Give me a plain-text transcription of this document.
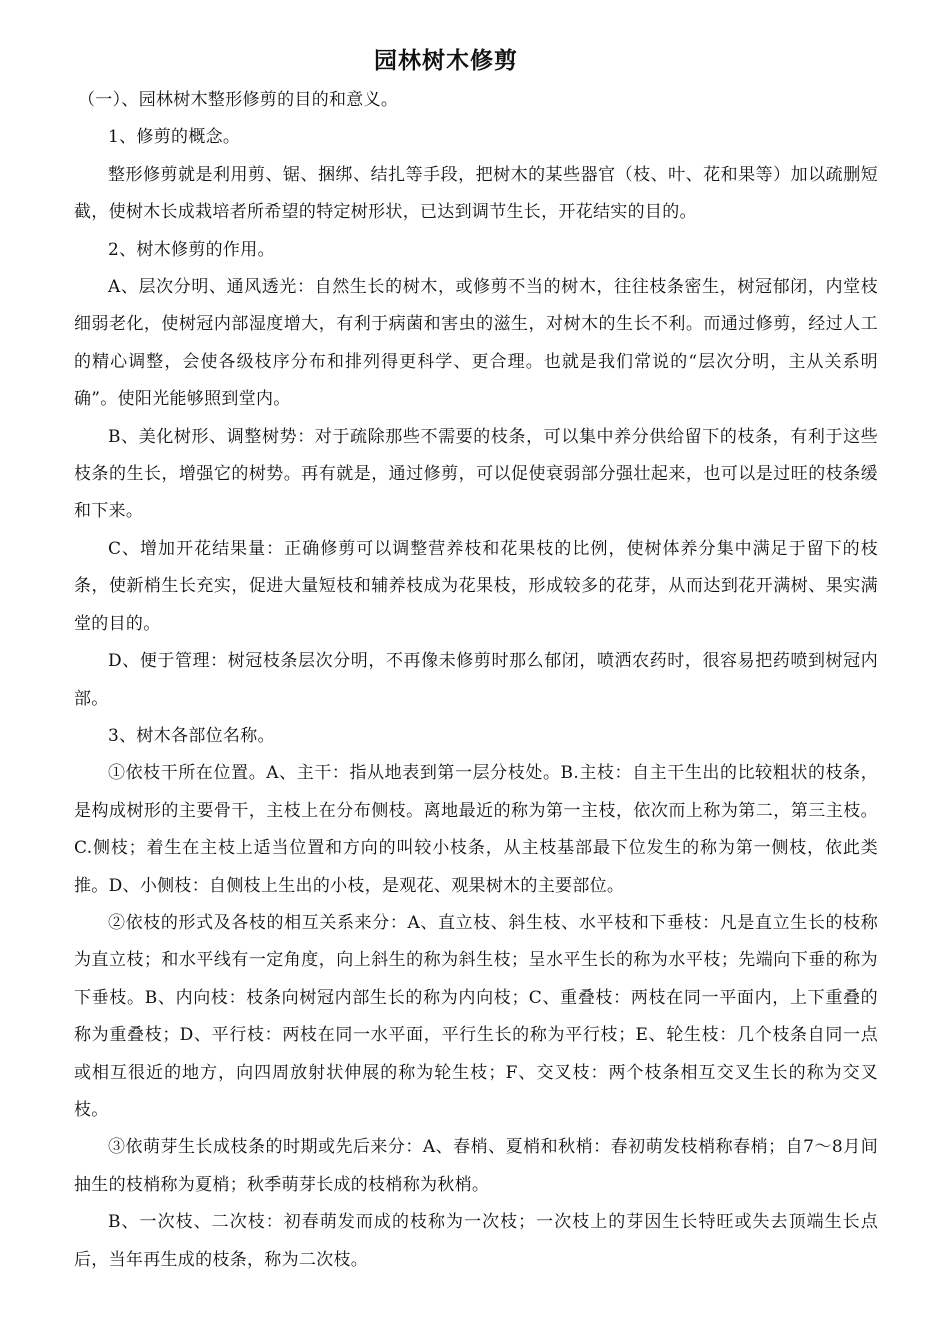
园林树木修剪

（一）、园林树木整形修剪的目的和意义。

1、修剪的概念。

整形修剪就是利用剪、锯、捆绑、结扎等手段，把树木的某些器官（枝、叶、花和果等）加以疏删短截，使树木长成栽培者所希望的特定树形状，已达到调节生长，开花结实的目的。

2、树木修剪的作用。

A、层次分明、通风透光：自然生长的树木，或修剪不当的树木，往往枝条密生，树冠郁闭，内堂枝细弱老化，使树冠内部湿度增大，有利于病菌和害虫的滋生，对树木的生长不利。而通过修剪，经过人工的精心调整，会使各级枝序分布和排列得更科学、更合理。也就是我们常说的“层次分明，主从关系明确”。使阳光能够照到堂内。

B、美化树形、调整树势：对于疏除那些不需要的枝条，可以集中养分供给留下的枝条，有利于这些枝条的生长，增强它的树势。再有就是，通过修剪，可以促使衰弱部分强壮起来，也可以是过旺的枝条缓和下来。

C、增加开花结果量：正确修剪可以调整营养枝和花果枝的比例，使树体养分集中满足于留下的枝条，使新梢生长充实，促进大量短枝和辅养枝成为花果枝，形成较多的花芽，从而达到花开满树、果实满堂的目的。

D、便于管理：树冠枝条层次分明，不再像未修剪时那么郁闭，喷洒农药时，很容易把药喷到树冠内部。

3、树木各部位名称。

①依枝干所在位置。A、主干：指从地表到第一层分枝处。B.主枝：自主干生出的比较粗状的枝条，是构成树形的主要骨干，主枝上在分布侧枝。离地最近的称为第一主枝，依次而上称为第二，第三主枝。C.侧枝；着生在主枝上适当位置和方向的叫较小枝条，从主枝基部最下位发生的称为第一侧枝，依此类推。D、小侧枝：自侧枝上生出的小枝，是观花、观果树木的主要部位。

②依枝的形式及各枝的相互关系来分：A、直立枝、斜生枝、水平枝和下垂枝：凡是直立生长的枝称为直立枝；和水平线有一定角度，向上斜生的称为斜生枝；呈水平生长的称为水平枝；先端向下垂的称为下垂枝。B、内向枝：枝条向树冠内部生长的称为内向枝；C、重叠枝：两枝在同一平面内，上下重叠的称为重叠枝；D、平行枝：两枝在同一水平面，平行生长的称为平行枝；E、轮生枝：几个枝条自同一点或相互很近的地方，向四周放射状伸展的称为轮生枝；F、交叉枝：两个枝条相互交叉生长的称为交叉枝。

③依萌芽生长成枝条的时期或先后来分：A、春梢、夏梢和秋梢：春初萌发枝梢称春梢；自7～8月间抽生的枝梢称为夏梢；秋季萌芽长成的枝梢称为秋梢。

B、一次枝、二次枝：初春萌发而成的枝称为一次枝；一次枝上的芽因生长特旺或失去顶端生长点后，当年再生成的枝条，称为二次枝。
